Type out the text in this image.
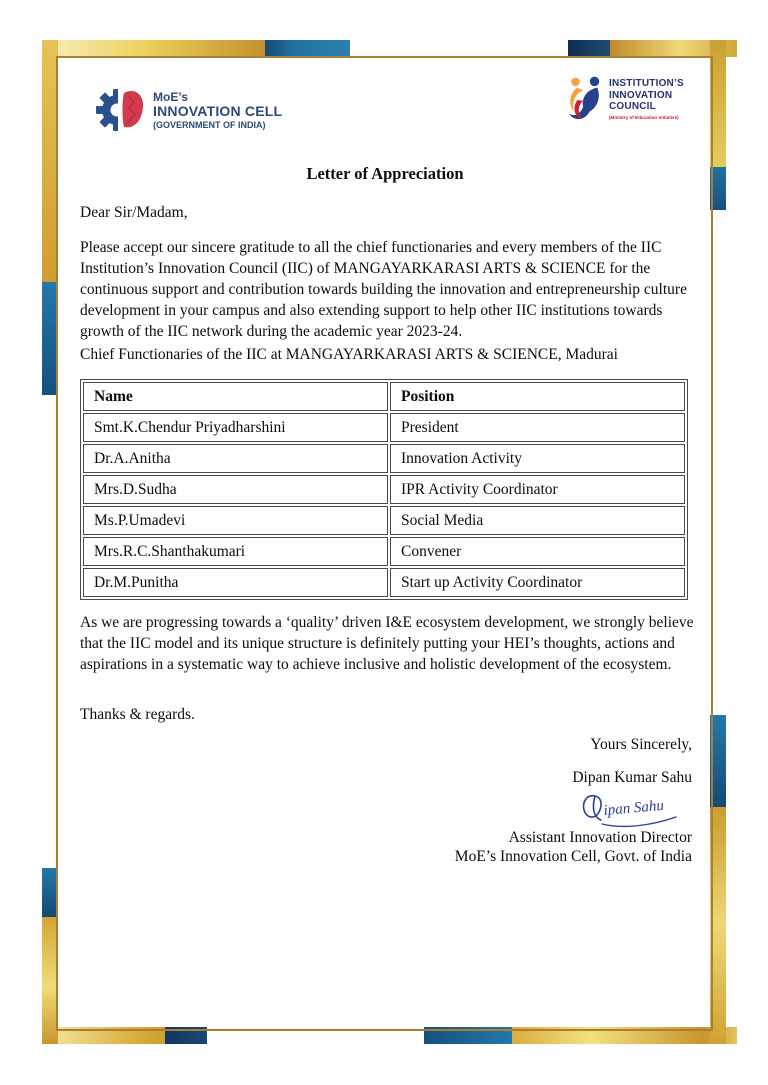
MoE’s
INNOVATION CELL
(GOVERNMENT OF INDIA)
INSTITUTION’S
INNOVATION
COUNCIL
(Ministry of Education Initiative)
Letter of Appreciation
Dear Sir/Madam,
Please accept our sincere gratitude to all the chief functionaries and every members of the IIC Institution’s Innovation Council (IIC) of MANGAYARKARASI ARTS & SCIENCE for the continuous support and contribution towards building the innovation and entrepreneurship culture development in your campus and also extending support to help other IIC institutions towards growth of the IIC network during the academic year 2023-24.
Chief Functionaries of the IIC at MANGAYARKARASI ARTS & SCIENCE, Madurai
Name	Position
Smt.K.Chendur Priyadharshini	President
Dr.A.Anitha	Innovation Activity
Mrs.D.Sudha	IPR Activity Coordinator
Ms.P.Umadevi	Social Media
Mrs.R.C.Shanthakumari	Convener
Dr.M.Punitha	Start up Activity Coordinator
As we are progressing towards a ‘quality’ driven I&E ecosystem development, we strongly believe that the IIC model and its unique structure is definitely putting your HEI’s thoughts, actions and aspirations in a systematic way to achieve inclusive and holistic development of the ecosystem.
Thanks & regards.
Yours Sincerely,
Dipan Kumar Sahu
ipan Sahu
Assistant Innovation Director
MoE’s Innovation Cell, Govt. of India
